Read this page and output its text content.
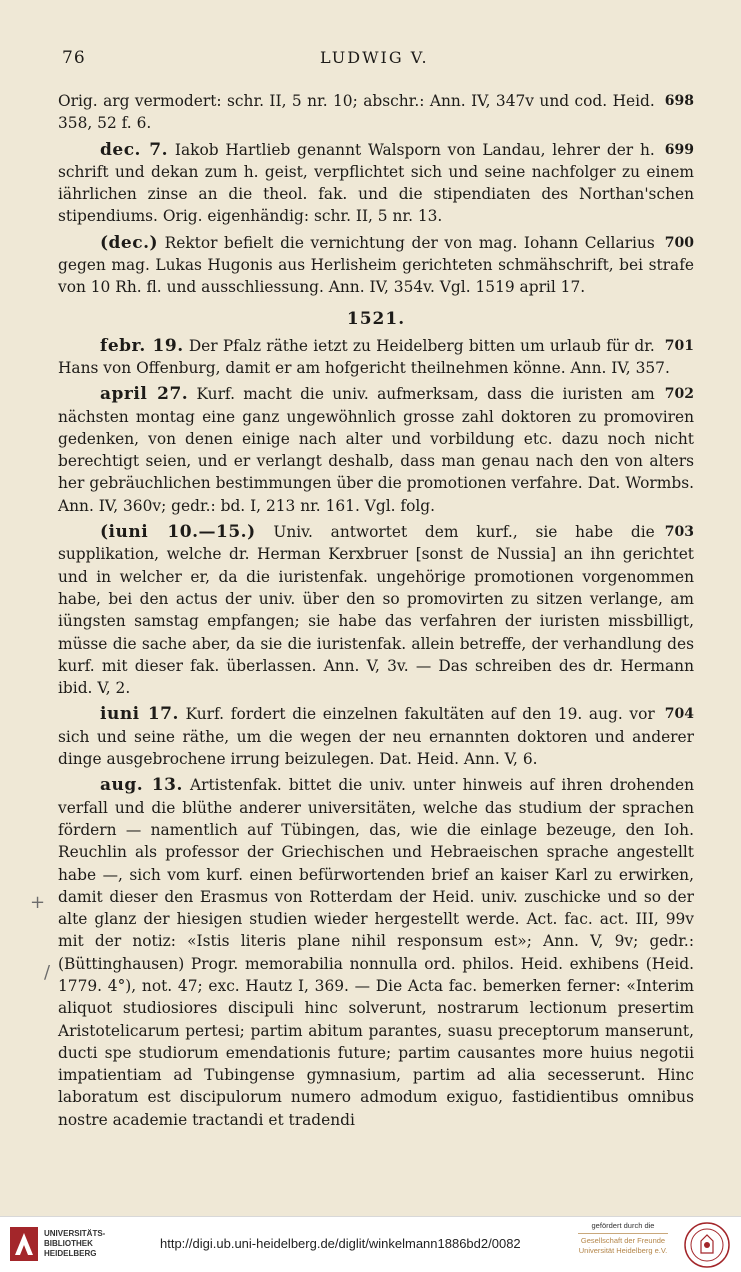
76	LUDWIG V.

698
Orig. arg vermodert: schr. II, 5 nr. 10; abschr.: Ann. IV, 347v und cod. Heid. 358, 52 f. 6.

699
dec. 7. Iakob Hartlieb genannt Walsporn von Landau, lehrer der h. schrift und dekan zum h. geist, verpflichtet sich und seine nachfolger zu einem iährlichen zinse an die theol. fak. und die stipendiaten des Northan'schen stipendiums. Orig. eigenhändig: schr. II, 5 nr. 13.

700
(dec.) Rektor befielt die vernichtung der von mag. Iohann Cellarius gegen mag. Lukas Hugonis aus Herlisheim gerichteten schmähschrift, bei strafe von 10 Rh. fl. und ausschliessung. Ann. IV, 354v. Vgl. 1519 april 17.

1521.

701
febr. 19. Der Pfalz räthe ietzt zu Heidelberg bitten um urlaub für dr. Hans von Offenburg, damit er am hofgericht theilnehmen könne. Ann. IV, 357.

702
april 27. Kurf. macht die univ. aufmerksam, dass die iuristen am nächsten montag eine ganz ungewöhnlich grosse zahl doktoren zu promoviren gedenken, von denen einige nach alter und vorbildung etc. dazu noch nicht berechtigt seien, und er verlangt deshalb, dass man genau nach den von alters her gebräuchlichen bestimmungen über die promotionen verfahre. Dat. Wormbs. Ann. IV, 360v; gedr.: bd. I, 213 nr. 161. Vgl. folg.

703
(iuni 10.—15.) Univ. antwortet dem kurf., sie habe die supplikation, welche dr. Herman Kerxbruer [sonst de Nussia] an ihn gerichtet und in welcher er, da die iuristenfak. ungehörige promotionen vorgenommen habe, bei den actus der univ. über den so promovirten zu sitzen verlange, am iüngsten samstag empfangen; sie habe das verfahren der iuristen missbilligt, müsse die sache aber, da sie die iuristenfak. allein betreffe, der verhandlung des kurf. mit dieser fak. überlassen. Ann. V, 3v. — Das schreiben des dr. Hermann ibid. V, 2.

704
iuni 17. Kurf. fordert die einzelnen fakultäten auf den 19. aug. vor sich und seine räthe, um die wegen der neu ernannten doktoren und anderer dinge ausgebrochene irrung beizulegen. Dat. Heid. Ann. V, 6.

aug. 13. Artistenfak. bittet die univ. unter hinweis auf ihren drohenden verfall und die blüthe anderer universitäten, welche das studium der sprachen fördern — namentlich auf Tübingen, das, wie die einlage bezeuge, den Ioh. Reuchlin als professor der Griechischen und Hebraeischen sprache angestellt habe —, sich vom kurf. einen befürwortenden brief an kaiser Karl zu erwirken, damit dieser den Erasmus von Rotterdam der Heid. univ. zuschicke und so der alte glanz der hiesigen studien wieder hergestellt werde. Act. fac. act. III, 99v mit der notiz: «Istis literis plane nihil responsum est»; Ann. V, 9v; gedr.: (Büttinghausen) Progr. memorabilia nonnulla ord. philos. Heid. exhibens (Heid. 1779. 4°), not. 47; exc. Hautz I, 369. — Die Acta fac. bemerken ferner: «Interim aliquot studiosiores discipuli hinc solverunt, nostrarum lectionum presertim Aristotelicarum pertesi; partim abitum parantes, suasu preceptorum manserunt, ducti spe studiorum emendationis future; partim causantes more huius negotii impatientiam ad Tubingense gymnasium, partim ad alia secesserunt. Hinc laboratum est discipulorum numero admodum exiguo, fastidientibus omnibus nostre academie tractandi et tradendi

+
/
UNIVERSITÄTS-
BIBLIOTHEK
HEIDELBERG
http://digi.ub.uni-heidelberg.de/diglit/winkelmann1886bd2/0082
gefördert durch die
Gesellschaft der Freunde
Universität Heidelberg e.V.
